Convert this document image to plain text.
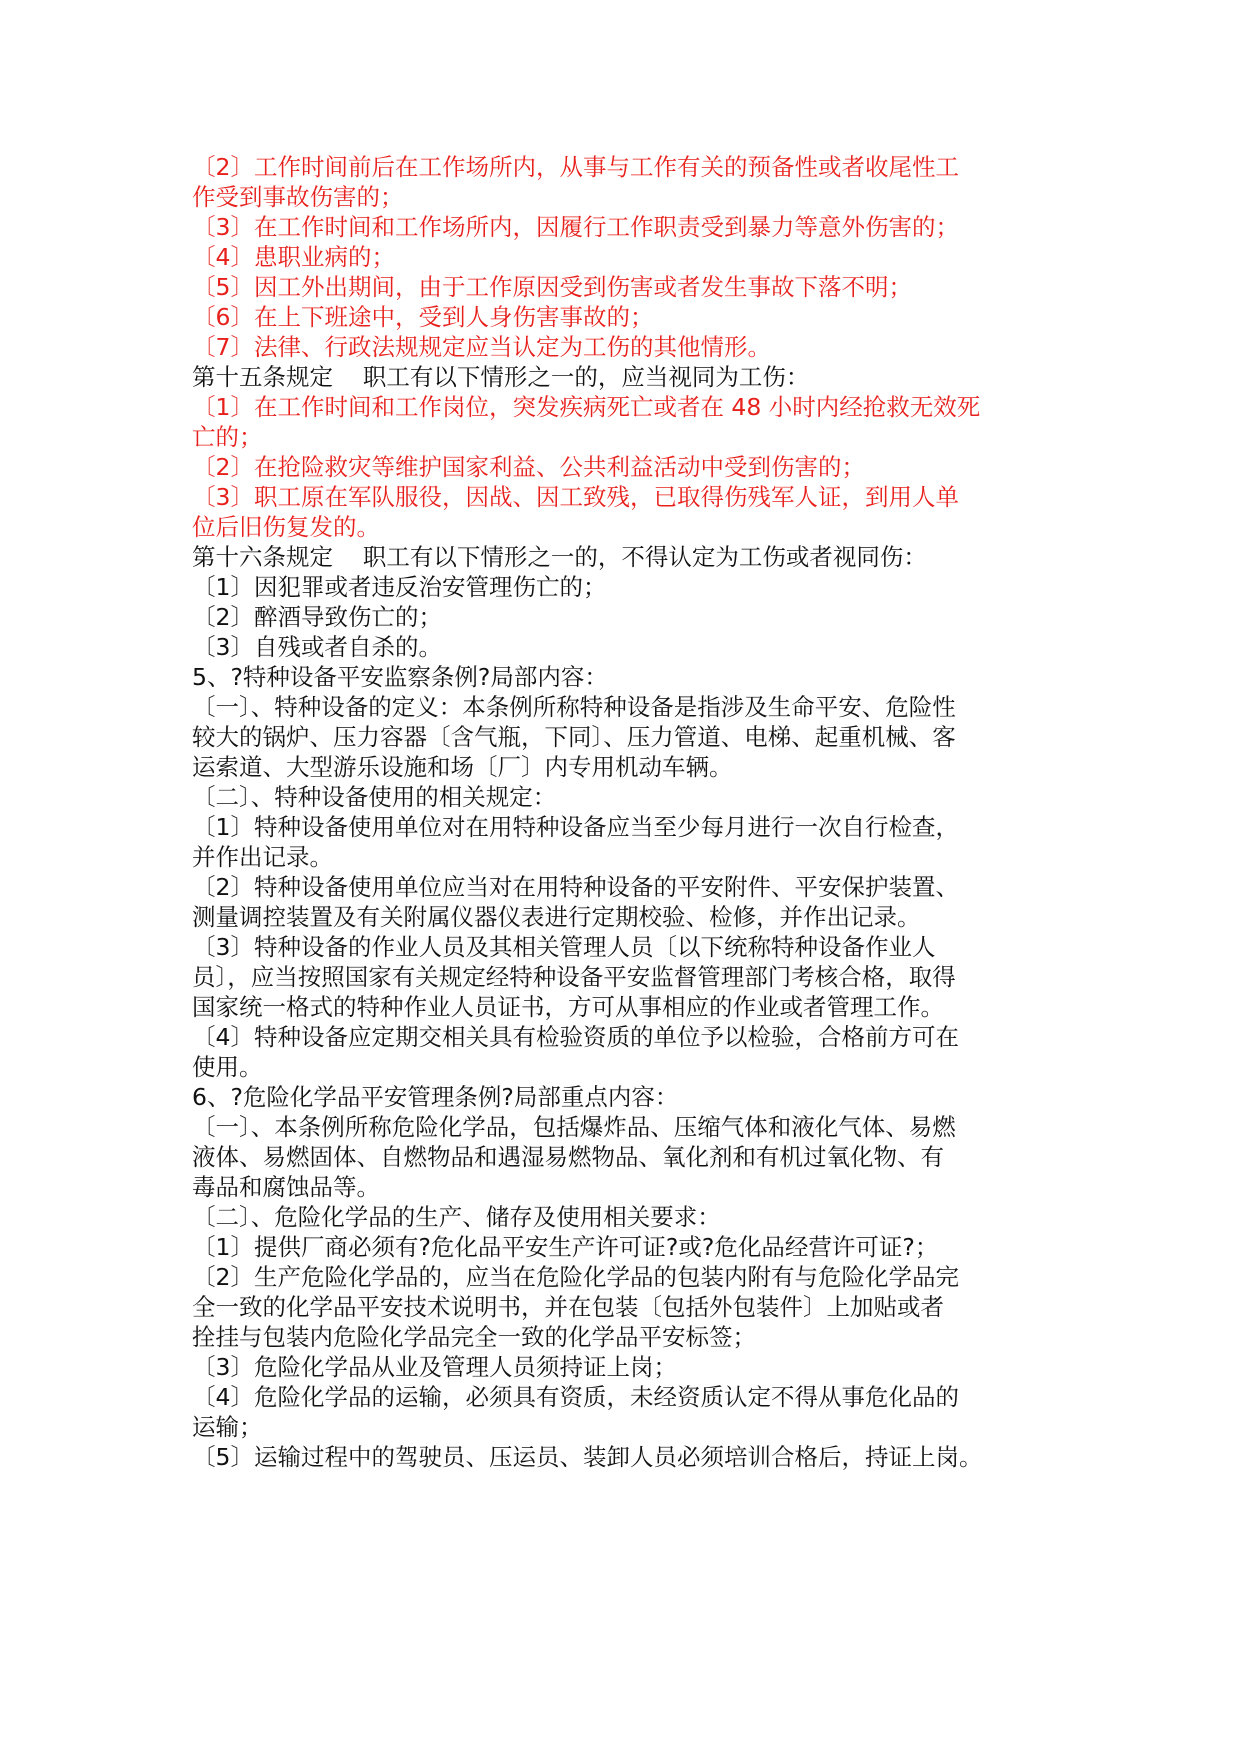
〔2〕工作时间前后在工作场所内，从事与工作有关的预备性或者收尾性工
作受到事故伤害的；
〔3〕在工作时间和工作场所内，因履行工作职责受到暴力等意外伤害的；
〔4〕患职业病的；
〔5〕因工外出期间，由于工作原因受到伤害或者发生事故下落不明；
〔6〕在上下班途中，受到人身伤害事故的；
〔7〕法律、行政法规规定应当认定为工伤的其他情形。
第十五条规定    职工有以下情形之一的，应当视同为工伤：
〔1〕在工作时间和工作岗位，突发疾病死亡或者在 48 小时内经抢救无效死
亡的；
〔2〕在抢险救灾等维护国家利益、公共利益活动中受到伤害的；
〔3〕职工原在军队服役，因战、因工致残，已取得伤残军人证，到用人单
位后旧伤复发的。
第十六条规定    职工有以下情形之一的，不得认定为工伤或者视同伤：
〔1〕因犯罪或者违反治安管理伤亡的；
〔2〕醉酒导致伤亡的；
〔3〕自残或者自杀的。
5、?特种设备平安监察条例?局部内容：
〔一〕、特种设备的定义：本条例所称特种设备是指涉及生命平安、危险性
较大的锅炉、压力容器〔含气瓶，下同〕、压力管道、电梯、起重机械、客
运索道、大型游乐设施和场〔厂〕内专用机动车辆。
〔二〕、特种设备使用的相关规定：
〔1〕特种设备使用单位对在用特种设备应当至少每月进行一次自行检查，
并作出记录。
〔2〕特种设备使用单位应当对在用特种设备的平安附件、平安保护装置、
测量调控装置及有关附属仪器仪表进行定期校验、检修，并作出记录。
〔3〕特种设备的作业人员及其相关管理人员〔以下统称特种设备作业人
员〕，应当按照国家有关规定经特种设备平安监督管理部门考核合格，取得
国家统一格式的特种作业人员证书，方可从事相应的作业或者管理工作。
〔4〕特种设备应定期交相关具有检验资质的单位予以检验，合格前方可在
使用。
6、?危险化学品平安管理条例?局部重点内容：
〔一〕、本条例所称危险化学品，包括爆炸品、压缩气体和液化气体、易燃
液体、易燃固体、自燃物品和遇湿易燃物品、氧化剂和有机过氧化物、有
毒品和腐蚀品等。
〔二〕、危险化学品的生产、储存及使用相关要求：
〔1〕提供厂商必须有?危化品平安生产许可证?或?危化品经营许可证?；
〔2〕生产危险化学品的，应当在危险化学品的包装内附有与危险化学品完
全一致的化学品平安技术说明书，并在包装〔包括外包装件〕上加贴或者
拴挂与包装内危险化学品完全一致的化学品平安标签；
〔3〕危险化学品从业及管理人员须持证上岗；
〔4〕危险化学品的运输，必须具有资质，未经资质认定不得从事危化品的
运输；
〔5〕运输过程中的驾驶员、压运员、装卸人员必须培训合格后，持证上岗。
